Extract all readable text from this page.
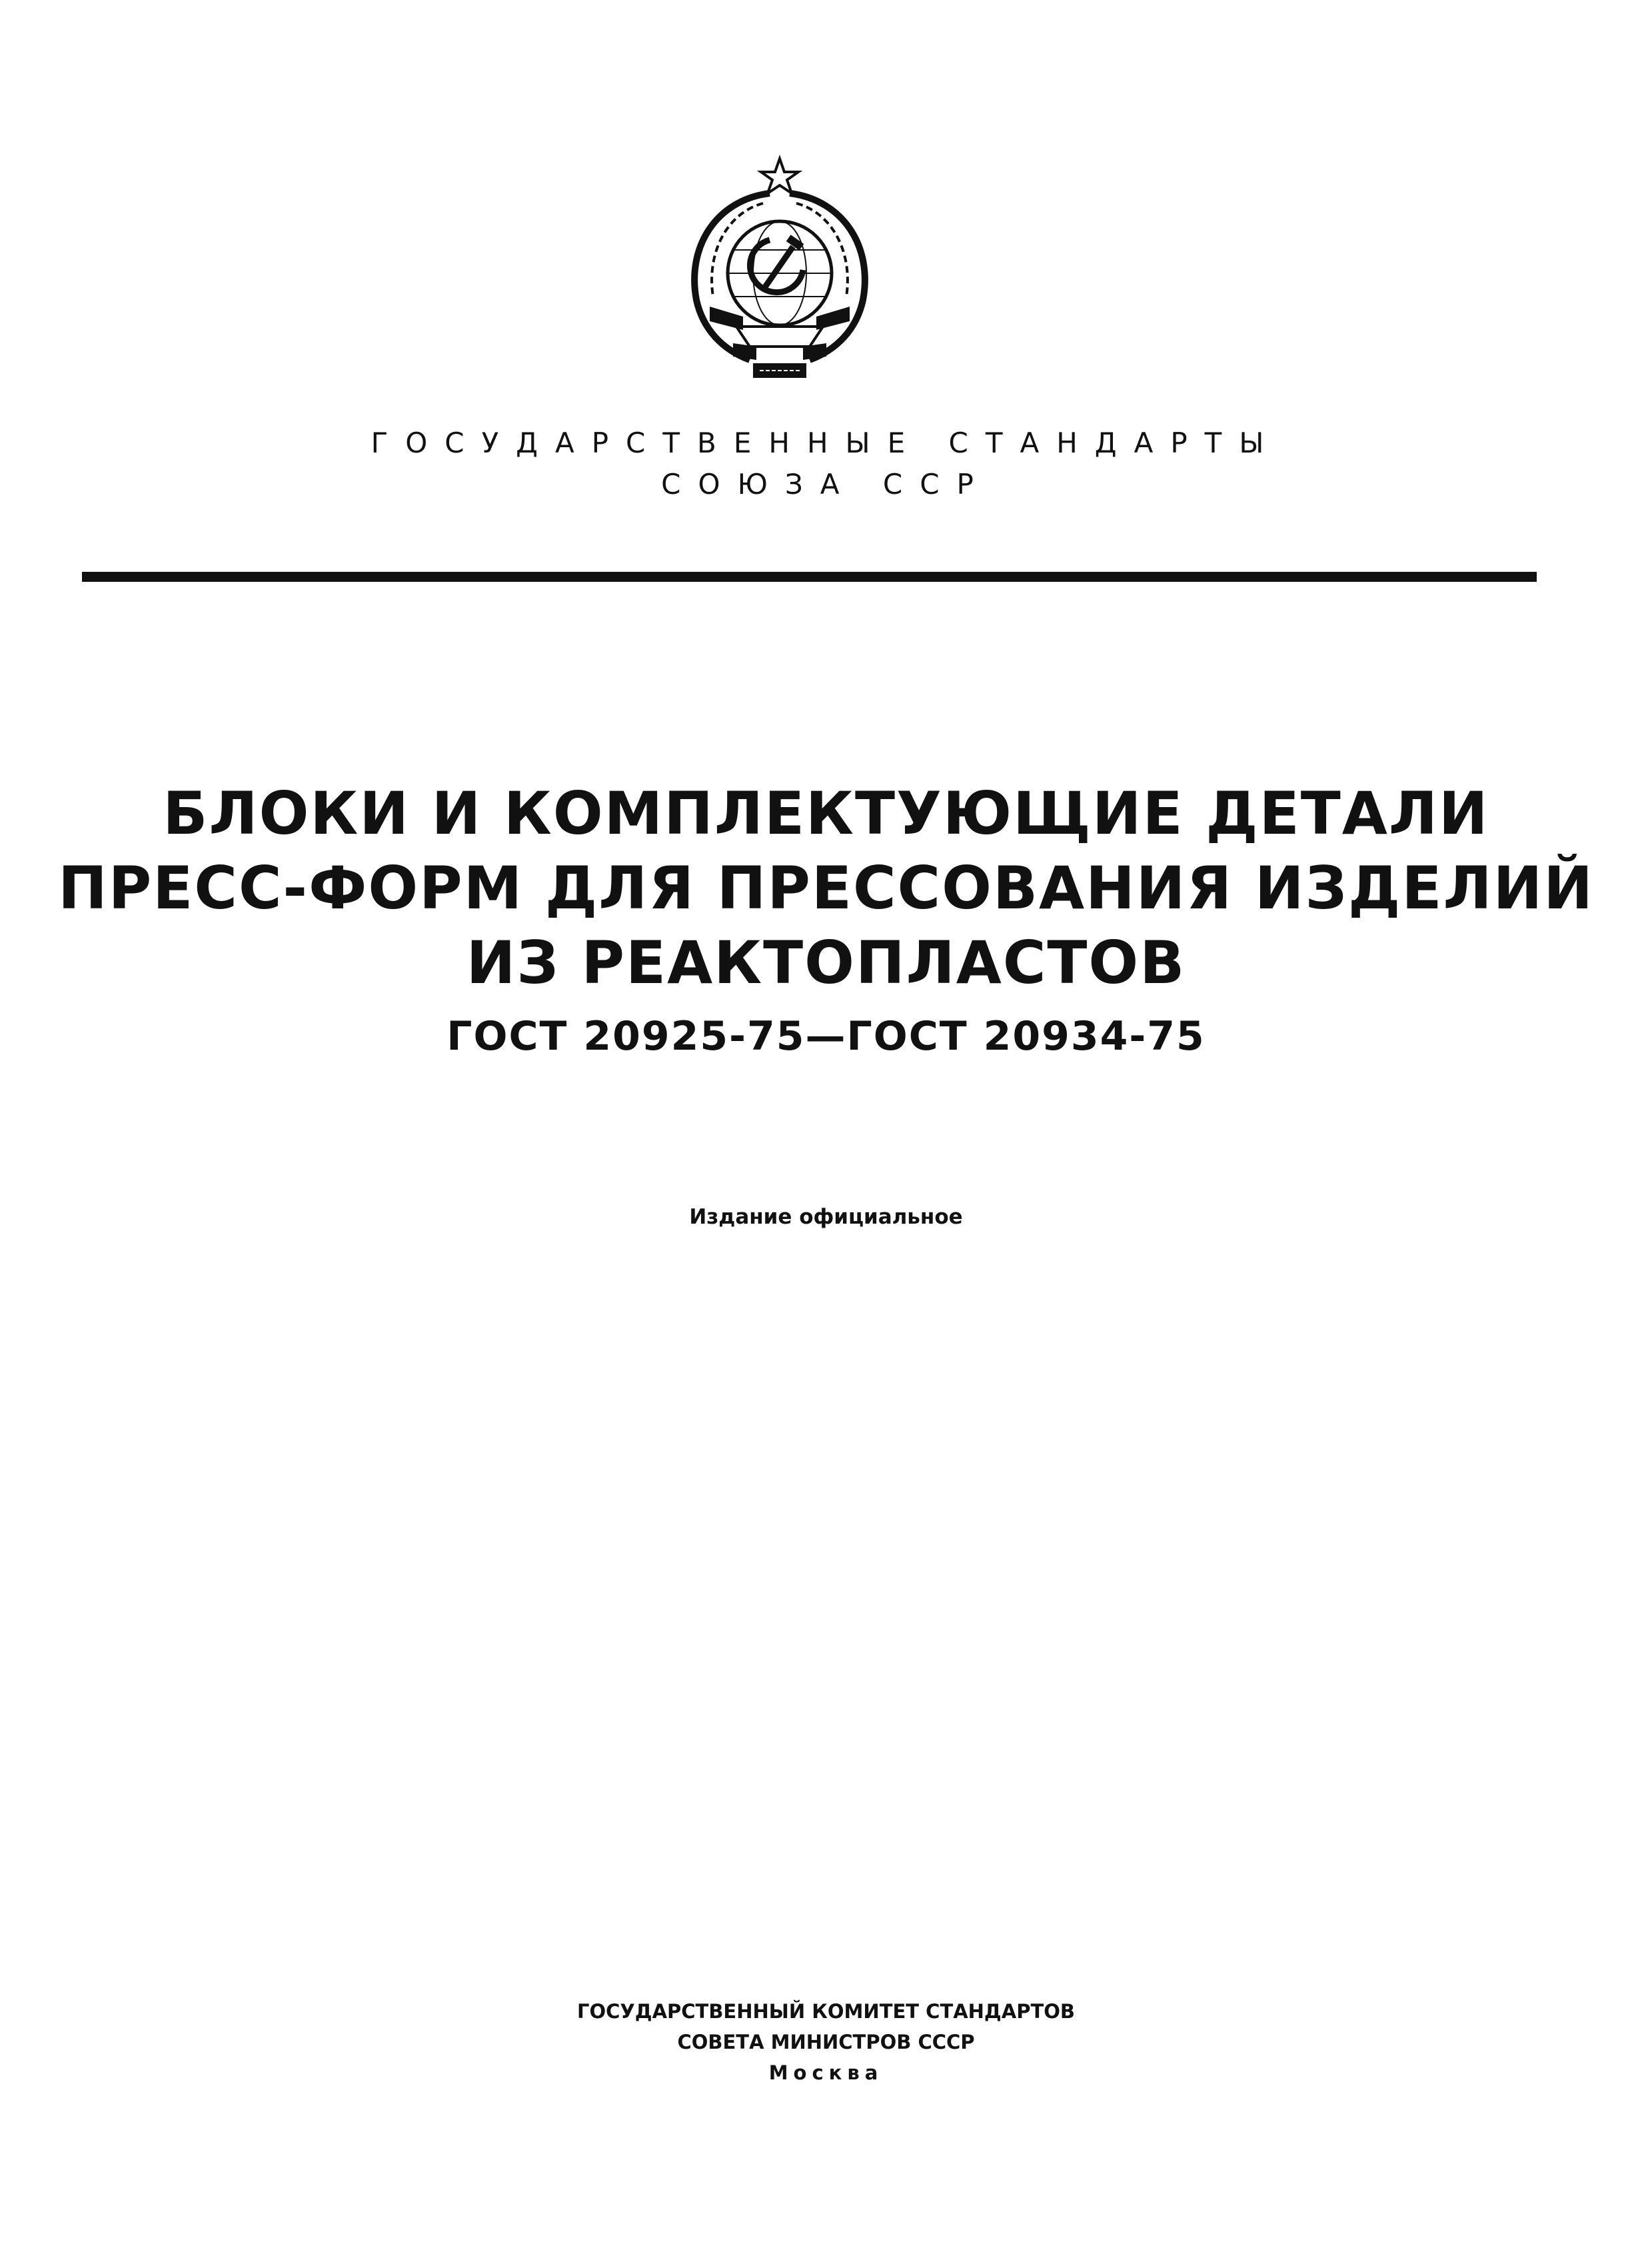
ГОСУДАРСТВЕННЫЕ СТАНДАРТЫ
СОЮЗА ССР
БЛОКИ И КОМПЛЕКТУЮЩИЕ ДЕТАЛИ
ПРЕСС-ФОРМ ДЛЯ ПРЕССОВАНИЯ ИЗДЕЛИЙ
ИЗ РЕАКТОПЛАСТОВ
ГОСТ 20925-75—ГОСТ 20934-75
Издание официальное
ГОСУДАРСТВЕННЫЙ КОМИТЕТ СТАНДАРТОВ
СОВЕТА МИНИСТРОВ СССР
Москва
